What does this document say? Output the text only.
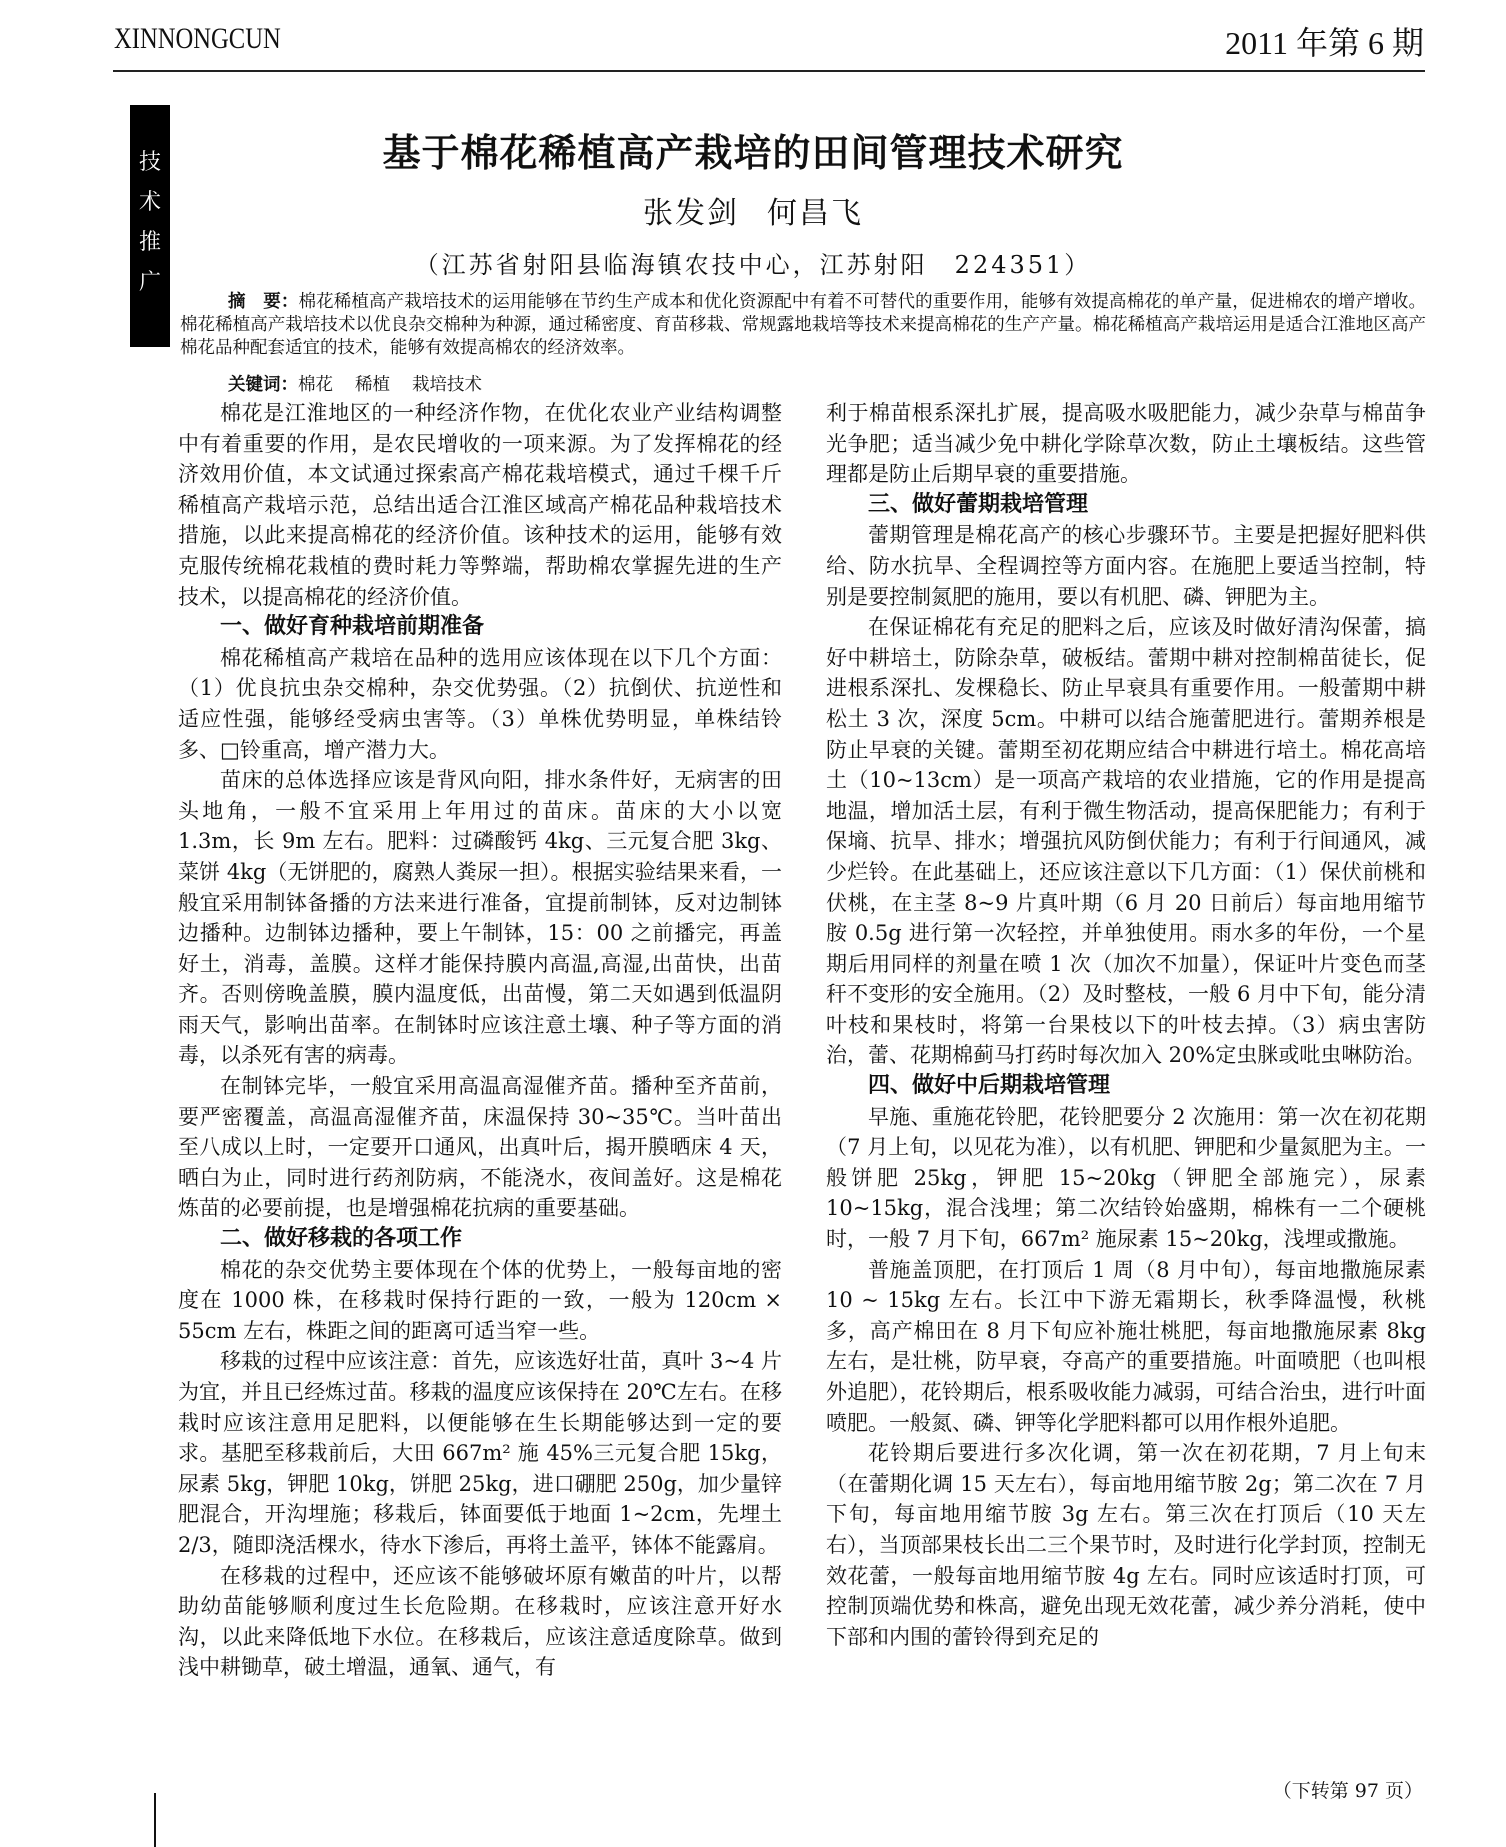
XINNONGCUN	2011 年第 6 期
技
术
推
广
基于棉花稀植高产栽培的田间管理技术研究
张发剑 何昌飞
（江苏省射阳县临海镇农技中心，江苏射阳　224351）
摘　要：棉花稀植高产栽培技术的运用能够在节约生产成本和优化资源配中有着不可替代的重要作用，能够有效提高棉花的单产量，促进棉农的增产增收。棉花稀植高产栽培技术以优良杂交棉种为种源，通过稀密度、育苗移栽、常规露地栽培等技术来提高棉花的生产产量。棉花稀植高产栽培运用是适合江淮地区高产棉花品种配套适宜的技术，能够有效提高棉农的经济效率。
关键词：棉花 稀植 栽培技术

棉花是江淮地区的一种经济作物，在优化农业产业结构调整中有着重要的作用，是农民增收的一项来源。为了发挥棉花的经济效用价值，本文试通过探索高产棉花栽培模式，通过千棵千斤稀植高产栽培示范，总结出适合江淮区域高产棉花品种栽培技术措施，以此来提高棉花的经济价值。该种技术的运用，能够有效克服传统棉花栽植的费时耗力等弊端，帮助棉农掌握先进的生产技术，以提高棉花的经济价值。

一、做好育种栽培前期准备

棉花稀植高产栽培在品种的选用应该体现在以下几个方面：（1）优良抗虫杂交棉种，杂交优势强。（2）抗倒伏、抗逆性和适应性强，能够经受病虫害等。（3）单株优势明显，单株结铃多、□铃重高，增产潜力大。

苗床的总体选择应该是背风向阳，排水条件好，无病害的田头地角，一般不宜采用上年用过的苗床。苗床的大小以宽 1.3m，长 9m 左右。肥料：过磷酸钙 4kg、三元复合肥 3kg、菜饼 4kg（无饼肥的，腐熟人粪尿一担）。根据实验结果来看，一般宜采用制钵备播的方法来进行准备，宜提前制钵，反对边制钵边播种。边制钵边播种，要上午制钵，15：00 之前播完，再盖好土，消毒，盖膜。这样才能保持膜内高温,高湿,出苗快，出苗齐。否则傍晚盖膜，膜内温度低，出苗慢，第二天如遇到低温阴雨天气，影响出苗率。在制钵时应该注意土壤、种子等方面的消毒，以杀死有害的病毒。

在制钵完毕，一般宜采用高温高湿催齐苗。播种至齐苗前，要严密覆盖，高温高湿催齐苗，床温保持 30~35℃。当叶苗出至八成以上时，一定要开口通风，出真叶后，揭开膜晒床 4 天，晒白为止，同时进行药剂防病，不能浇水，夜间盖好。这是棉花炼苗的必要前提，也是增强棉花抗病的重要基础。

二、做好移栽的各项工作

棉花的杂交优势主要体现在个体的优势上，一般每亩地的密度在 1000 株，在移栽时保持行距的一致，一般为 120cm × 55cm 左右，株距之间的距离可适当窄一些。

移栽的过程中应该注意：首先，应该选好壮苗，真叶 3~4 片为宜，并且已经炼过苗。移栽的温度应该保持在 20℃左右。在移栽时应该注意用足肥料，以便能够在生长期能够达到一定的要求。基肥至移栽前后，大田 667m² 施 45%三元复合肥 15kg，尿素 5kg，钾肥 10kg，饼肥 25kg，进口硼肥 250g，加少量锌肥混合，开沟埋施；移栽后，钵面要低于地面 1~2cm，先埋土 2/3，随即浇活棵水，待水下渗后，再将土盖平，钵体不能露肩。

在移栽的过程中，还应该不能够破坏原有嫩苗的叶片，以帮助幼苗能够顺利度过生长危险期。在移栽时，应该注意开好水沟，以此来降低地下水位。在移栽后，应该注意适度除草。做到浅中耕锄草，破土增温，通氧、通气，有

利于棉苗根系深扎扩展，提高吸水吸肥能力，减少杂草与棉苗争光争肥；适当减少免中耕化学除草次数，防止土壤板结。这些管理都是防止后期早衰的重要措施。

三、做好蕾期栽培管理

蕾期管理是棉花高产的核心步骤环节。主要是把握好肥料供给、防水抗旱、全程调控等方面内容。在施肥上要适当控制，特别是要控制氮肥的施用，要以有机肥、磷、钾肥为主。

在保证棉花有充足的肥料之后，应该及时做好清沟保蕾，搞好中耕培土，防除杂草，破板结。蕾期中耕对控制棉苗徒长，促进根系深扎、发棵稳长、防止早衰具有重要作用。一般蕾期中耕松土 3 次，深度 5cm。中耕可以结合施蕾肥进行。蕾期养根是防止早衰的关键。蕾期至初花期应结合中耕进行培土。棉花高培土（10~13cm）是一项高产栽培的农业措施，它的作用是提高地温，增加活土层，有利于微生物活动，提高保肥能力；有利于保墒、抗旱、排水；增强抗风防倒伏能力；有利于行间通风，减少烂铃。在此基础上，还应该注意以下几方面：（1）保伏前桃和伏桃，在主茎 8~9 片真叶期（6 月 20 日前后）每亩地用缩节胺 0.5g 进行第一次轻控，并单独使用。雨水多的年份，一个星期后用同样的剂量在喷 1 次（加次不加量），保证叶片变色而茎秆不变形的安全施用。（2）及时整枝，一般 6 月中下旬，能分清叶枝和果枝时，将第一台果枝以下的叶枝去掉。（3）病虫害防治，蕾、花期棉蓟马打药时每次加入 20%定虫脒或吡虫啉防治。

四、做好中后期栽培管理

早施、重施花铃肥，花铃肥要分 2 次施用：第一次在初花期（7 月上旬，以见花为准），以有机肥、钾肥和少量氮肥为主。一般饼肥 25kg，钾肥 15~20kg（钾肥全部施完），尿素 10~15kg，混合浅埋；第二次结铃始盛期，棉株有一二个硬桃时，一般 7 月下旬，667m² 施尿素 15~20kg，浅埋或撒施。

普施盖顶肥，在打顶后 1 周（8 月中旬），每亩地撒施尿素 10 ~ 15kg 左右。长江中下游无霜期长，秋季降温慢，秋桃多，高产棉田在 8 月下旬应补施壮桃肥，每亩地撒施尿素 8kg 左右，是壮桃，防早衰，夺高产的重要措施。叶面喷肥（也叫根外追肥），花铃期后，根系吸收能力减弱，可结合治虫，进行叶面喷肥。一般氮、磷、钾等化学肥料都可以用作根外追肥。

花铃期后要进行多次化调，第一次在初花期，7 月上旬末（在蕾期化调 15 天左右），每亩地用缩节胺 2g；第二次在 7 月下旬，每亩地用缩节胺 3g 左右。第三次在打顶后（10 天左右），当顶部果枝长出二三个果节时，及时进行化学封顶，控制无效花蕾，一般每亩地用缩节胺 4g 左右。同时应该适时打顶，可控制顶端优势和株高，避免出现无效花蕾，减少养分消耗，使中下部和内围的蕾铃得到充足的

（下转第 97 页）
